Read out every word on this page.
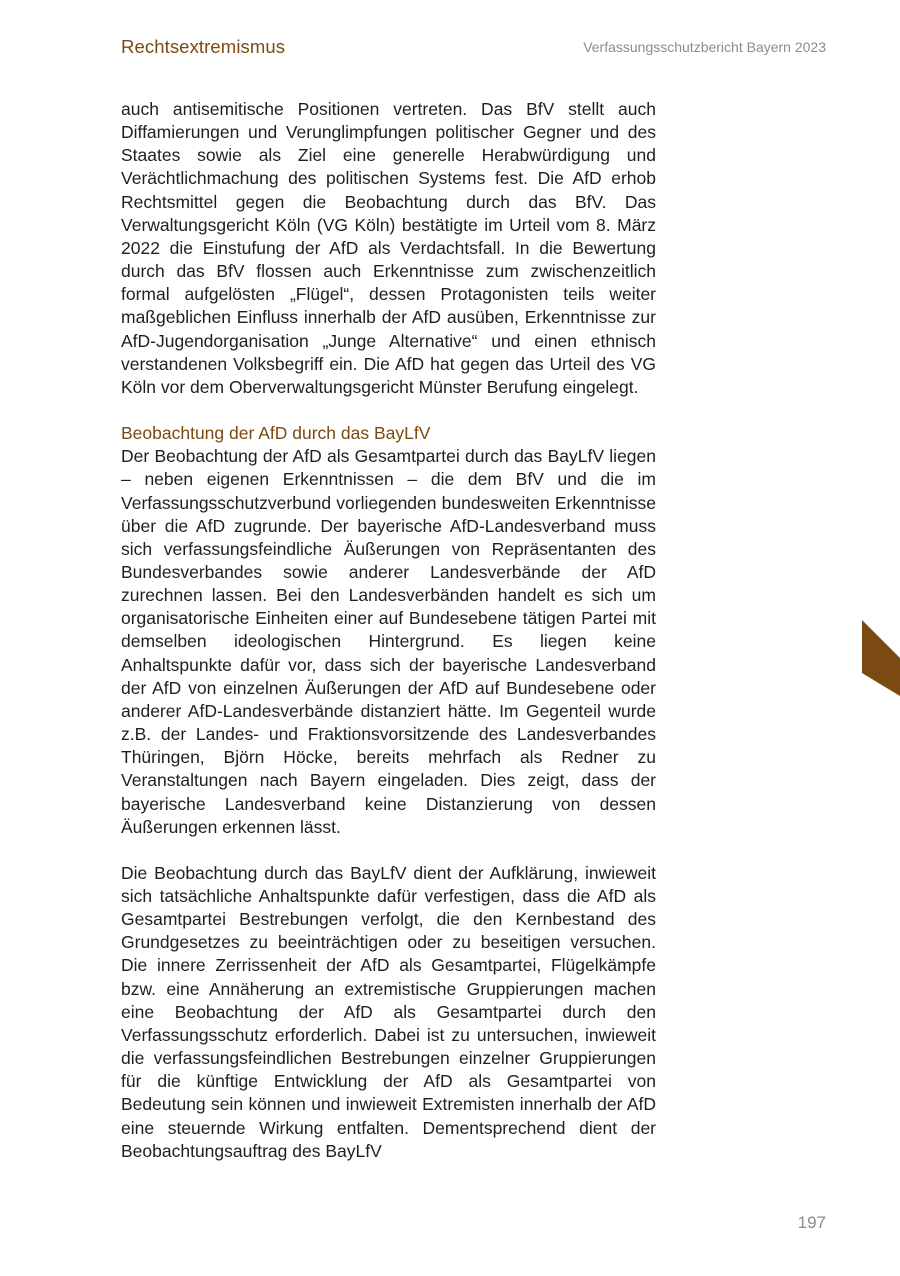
Rechtsextremismus	Verfassungsschutzbericht Bayern 2023

auch antisemitische Positionen vertreten. Das BfV stellt auch Diffamierungen und Verunglimpfungen politischer Gegner und des Staates sowie als Ziel eine generelle Herabwürdigung und Verächtlichmachung des politischen Systems fest. Die AfD erhob Rechtsmittel gegen die Beobachtung durch das BfV. Das Verwaltungsgericht Köln (VG Köln) bestätigte im Urteil vom 8. März 2022 die Einstufung der AfD als Verdachtsfall. In die Bewertung durch das BfV flossen auch Erkenntnisse zum zwischenzeitlich formal aufgelösten „Flügel“, dessen Protagonisten teils weiter maßgeblichen Einfluss innerhalb der AfD ausüben, Erkenntnisse zur AfD-Jugendorganisation „Junge Alternative“ und einen ethnisch verstandenen Volksbegriff ein. Die AfD hat gegen das Urteil des VG Köln vor dem Oberverwaltungsgericht Münster Berufung eingelegt.

Beobachtung der AfD durch das BayLfV

Der Beobachtung der AfD als Gesamtpartei durch das BayLfV liegen – neben eigenen Erkenntnissen – die dem BfV und die im Verfassungsschutzverbund vorliegenden bundesweiten Erkenntnisse über die AfD zugrunde. Der bayerische AfD-Landesverband muss sich verfassungsfeindliche Äußerungen von Repräsentanten des Bundesverbandes sowie anderer Landesverbände der AfD zurechnen lassen. Bei den Landesverbänden handelt es sich um organisatorische Einheiten einer auf Bundesebene tätigen Partei mit demselben ideologischen Hintergrund. Es liegen keine Anhaltspunkte dafür vor, dass sich der bayerische Landesverband der AfD von einzelnen Äußerungen der AfD auf Bundesebene oder anderer AfD-Landesverbände distanziert hätte. Im Gegenteil wurde z.B. der Landes- und Fraktionsvorsitzende des Landesverbandes Thüringen, Björn Höcke, bereits mehrfach als Redner zu Veranstaltungen nach Bayern eingeladen. Dies zeigt, dass der bayerische Landesverband keine Distanzierung von dessen Äußerungen erkennen lässt.

Die Beobachtung durch das BayLfV dient der Aufklärung, inwieweit sich tatsächliche Anhaltspunkte dafür verfestigen, dass die AfD als Gesamtpartei Bestrebungen verfolgt, die den Kernbestand des Grundgesetzes zu beeinträchtigen oder zu beseitigen versuchen. Die innere Zerrissenheit der AfD als Gesamtpartei, Flügelkämpfe bzw. eine Annäherung an extremistische Gruppierungen machen eine Beobachtung der AfD als Gesamtpartei durch den Verfassungsschutz erforderlich. Dabei ist zu untersuchen, inwieweit die verfassungsfeindlichen Bestrebungen einzelner Gruppierungen für die künftige Entwicklung der AfD als Gesamtpartei von Bedeutung sein können und inwieweit Extremisten innerhalb der AfD eine steuernde Wirkung entfalten. Dementsprechend dient der Beobachtungsauftrag des BayLfV

197
